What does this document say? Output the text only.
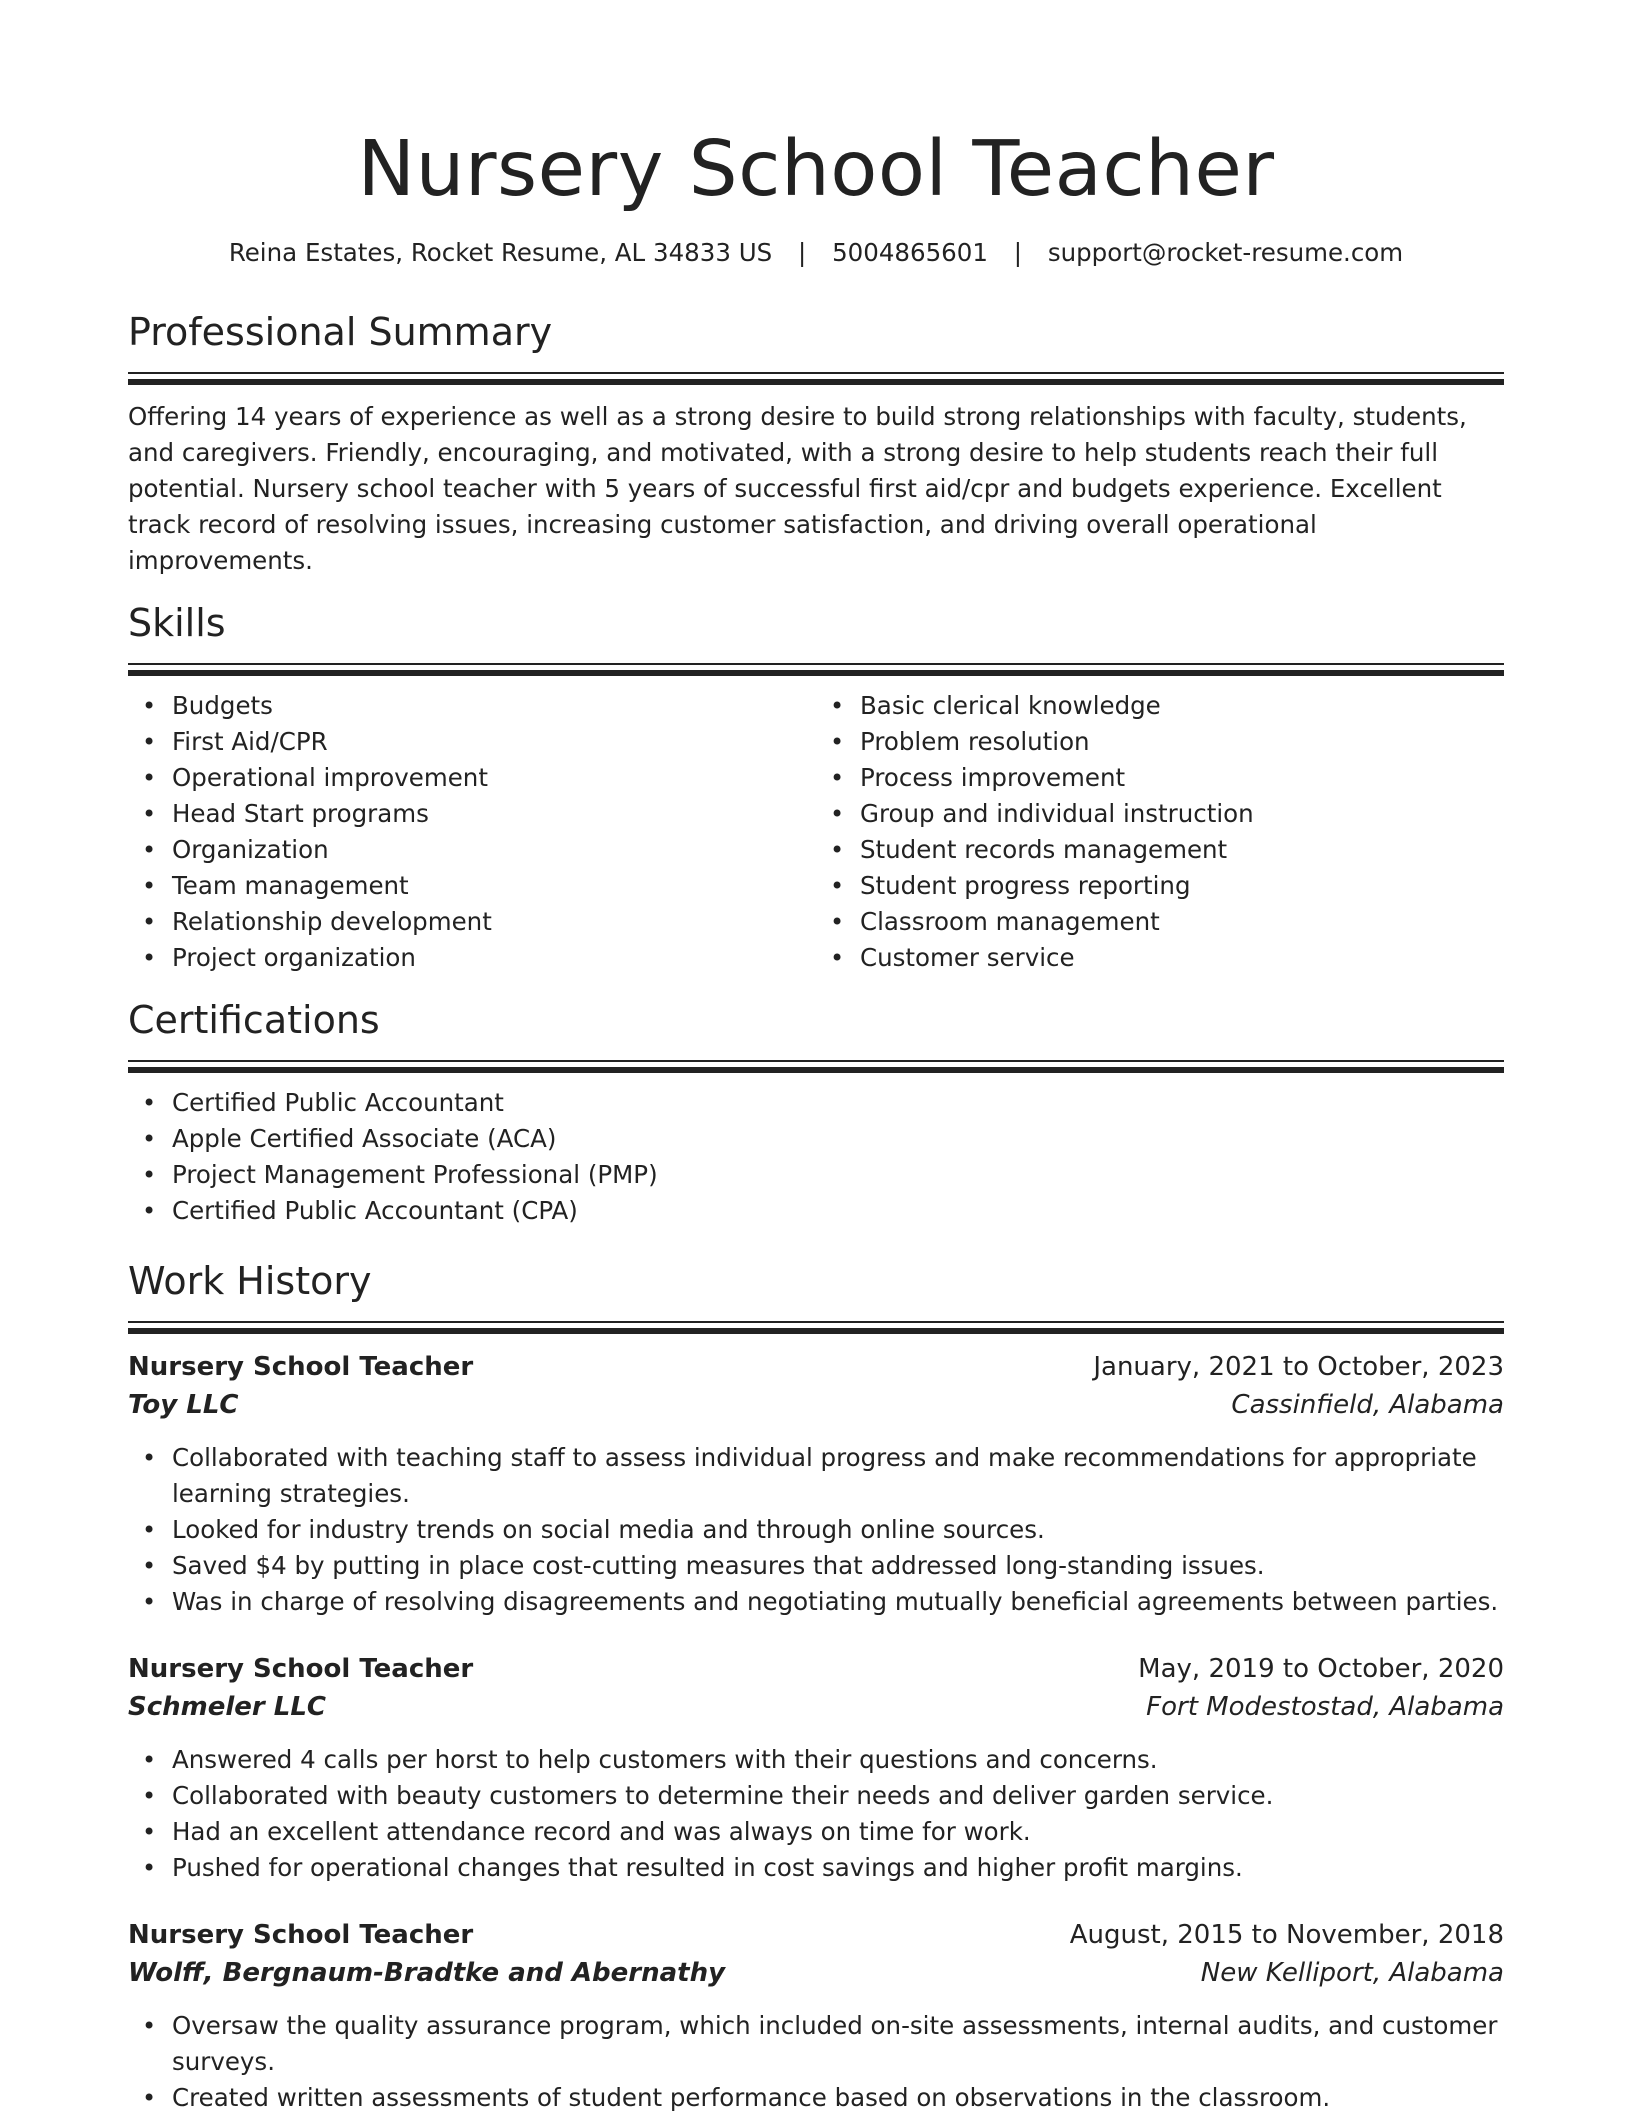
Nursery School Teacher
Reina Estates, Rocket Resume, AL 34833 US | 5004865601 | support@rocket-resume.com
Professional Summary
Offering 14 years of experience as well as a strong desire to build strong relationships with faculty, students, and caregivers. Friendly, encouraging, and motivated, with a strong desire to help students reach their full potential. Nursery school teacher with 5 years of successful first aid/cpr and budgets experience. Excellent track record of resolving issues, increasing customer satisfaction, and driving overall operational improvements.
Skills
• Budgets
• First Aid/CPR
• Operational improvement
• Head Start programs
• Organization
• Team management
• Relationship development
• Project organization
• Basic clerical knowledge
• Problem resolution
• Process improvement
• Group and individual instruction
• Student records management
• Student progress reporting
• Classroom management
• Customer service
Certifications
• Certified Public Accountant
• Apple Certified Associate (ACA)
• Project Management Professional (PMP)
• Certified Public Accountant (CPA)
Work History
Nursery School Teacher	January, 2021 to October, 2023
Toy LLC	Cassinfield, Alabama
• Collaborated with teaching staff to assess individual progress and make recommendations for appropriate learning strategies.
• Looked for industry trends on social media and through online sources.
• Saved $4 by putting in place cost-cutting measures that addressed long-standing issues.
• Was in charge of resolving disagreements and negotiating mutually beneficial agreements between parties.
Nursery School Teacher	May, 2019 to October, 2020
Schmeler LLC	Fort Modestostad, Alabama
• Answered 4 calls per horst to help customers with their questions and concerns.
• Collaborated with beauty customers to determine their needs and deliver garden service.
• Had an excellent attendance record and was always on time for work.
• Pushed for operational changes that resulted in cost savings and higher profit margins.
Nursery School Teacher	August, 2015 to November, 2018
Wolff, Bergnaum-Bradtke and Abernathy	New Kelliport, Alabama
• Oversaw the quality assurance program, which included on-site assessments, internal audits, and customer surveys.
• Created written assessments of student performance based on observations in the classroom.
